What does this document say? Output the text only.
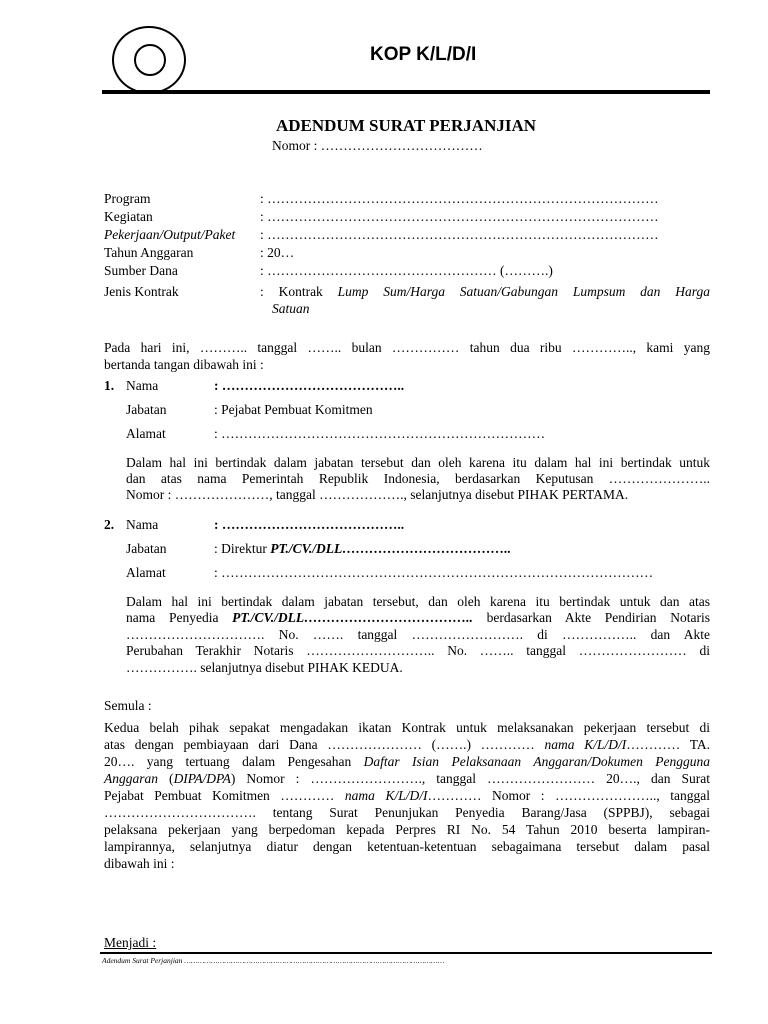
KOP K/L/D/I
ADENDUM SURAT PERJANJIAN
Nomor : ………………………………
Program	: ……………………………………………………………………………
Kegiatan	: ……………………………………………………………………………
Pekerjaan/Output/Paket : ……………………………………………………………………………
Tahun Anggaran	: 20…
Sumber Dana	: …………………………………………… (……….)
Jenis Kontrak	: Kontrak Lump Sum/Harga Satuan/Gabungan Lumpsum dan Harga
Satuan
Pada hari ini, ……….. tanggal …….. bulan …………… tahun dua ribu ………….., kami yang
bertanda tangan dibawah ini :
1. Nama	: …………………………………..
Jabatan	: Pejabat Pembuat Komitmen
Alamat	: ………………………………………………………………
Dalam hal ini bertindak dalam jabatan tersebut dan oleh karena itu dalam hal ini bertindak untuk
dan atas nama Pemerintah Republik Indonesia, berdasarkan Keputusan …………………..
Nomor : …………………, tanggal ………………., selanjutnya disebut PIHAK PERTAMA.
2. Nama	: …………………………………..
Jabatan	: Direktur PT./CV./DLL………………………………..
Alamat	: ……………………………………………………………………………………
Dalam hal ini bertindak dalam jabatan tersebut, dan oleh karena itu bertindak untuk dan atas
nama Penyedia PT./CV./DLL……………………………….. berdasarkan Akte Pendirian Notaris
…………………………. No. ……. tanggal ……………………. di …………….. dan Akte
Perubahan Terakhir Notaris ……………………….. No. …….. tanggal …………………… di
……………. selanjutnya disebut PIHAK KEDUA.
Semula :
Kedua belah pihak sepakat mengadakan ikatan Kontrak untuk melaksanakan pekerjaan tersebut di
atas dengan pembiayaan dari Dana ………………… (…….) ………… nama K/L/D/I………… TA.
20…. yang tertuang dalam Pengesahan Daftar Isian Pelaksanaan Anggaran/Dokumen Pengguna
Anggaran (DIPA/DPA) Nomor : ……………………., tanggal …………………… 20…., dan Surat
Pejabat Pembuat Komitmen ………… nama K/L/D/I………… Nomor : ………………….., tanggal
……………………………. tentang Surat Penunjukan Penyedia Barang/Jasa (SPPBJ), sebagai
pelaksana pekerjaan yang berpedoman kepada Perpres RI No. 54 Tahun 2010 beserta lampiran-
lampirannya, selanjutnya diatur dengan ketentuan-ketentuan sebagaimana tersebut dalam pasal
dibawah ini :
Menjadi :
Adendum Surat Perjanjian ………………………………………………………………………………………………………
